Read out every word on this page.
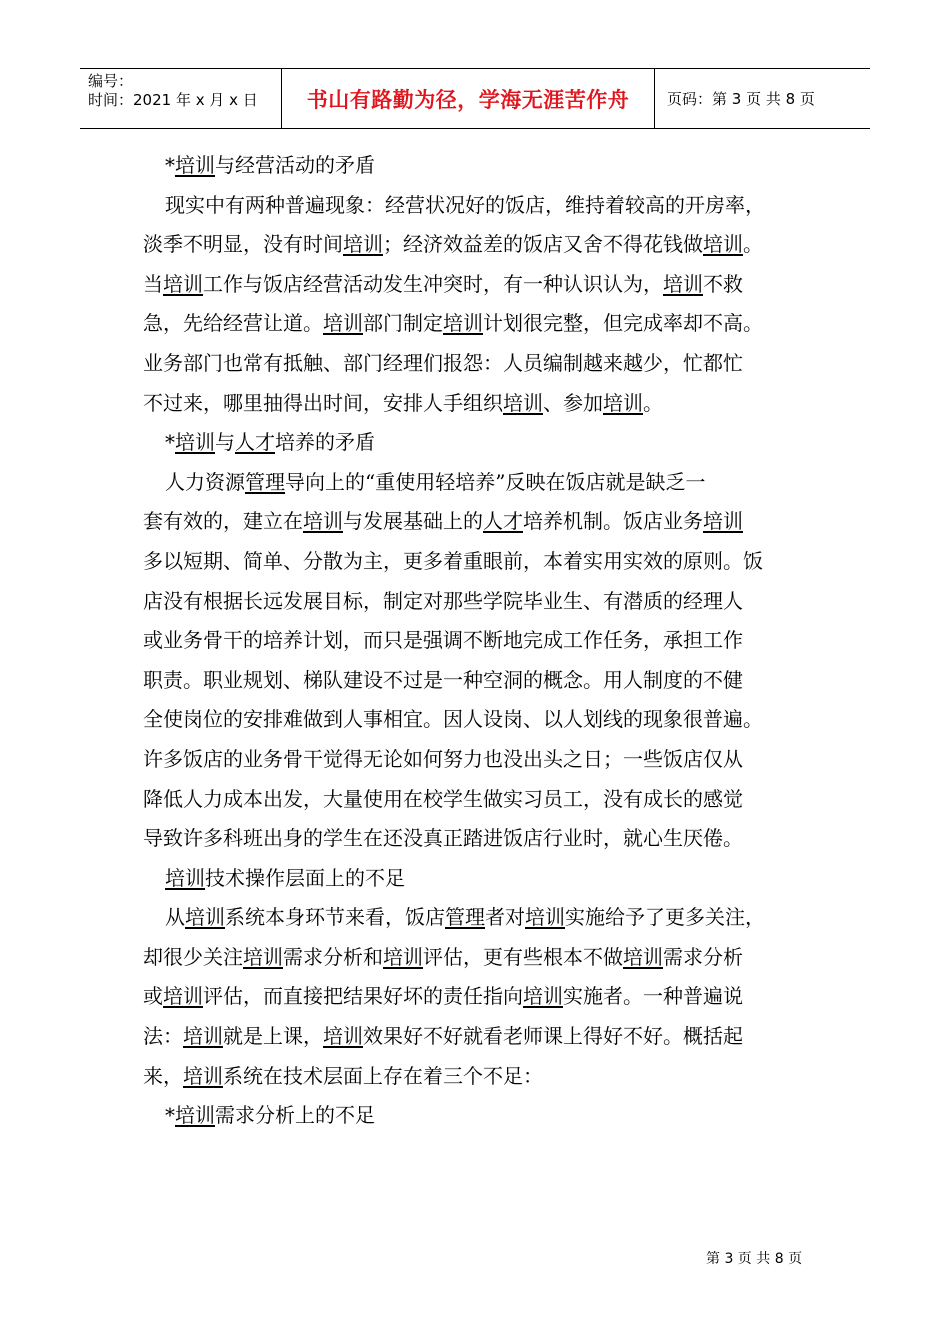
编号：
时间：2021 年 x 月 x 日	书山有路勤为径，学海无涯苦作舟	页码：第 3 页 共 8 页
*培训与经营活动的矛盾
现实中有两种普遍现象：经营状况好的饭店，维持着较高的开房率，
淡季不明显，没有时间培训；经济效益差的饭店又舍不得花钱做培训。
当培训工作与饭店经营活动发生冲突时，有一种认识认为，培训不救
急，先给经营让道。培训部门制定培训计划很完整，但完成率却不高。
业务部门也常有抵触、部门经理们报怨：人员编制越来越少，忙都忙
不过来，哪里抽得出时间，安排人手组织培训、参加培训。
*培训与人才培养的矛盾
人力资源管理导向上的“重使用轻培养”反映在饭店就是缺乏一
套有效的，建立在培训与发展基础上的人才培养机制。饭店业务培训
多以短期、简单、分散为主，更多着重眼前，本着实用实效的原则。饭
店没有根据长远发展目标，制定对那些学院毕业生、有潜质的经理人
或业务骨干的培养计划，而只是强调不断地完成工作任务，承担工作
职责。职业规划、梯队建设不过是一种空洞的概念。用人制度的不健
全使岗位的安排难做到人事相宜。因人设岗、以人划线的现象很普遍。
许多饭店的业务骨干觉得无论如何努力也没出头之日；一些饭店仅从
降低人力成本出发，大量使用在校学生做实习员工，没有成长的感觉
导致许多科班出身的学生在还没真正踏进饭店行业时，就心生厌倦。
培训技术操作层面上的不足
从培训系统本身环节来看，饭店管理者对培训实施给予了更多关注，
却很少关注培训需求分析和培训评估，更有些根本不做培训需求分析
或培训评估，而直接把结果好坏的责任指向培训实施者。一种普遍说
法：培训就是上课，培训效果好不好就看老师课上得好不好。概括起
来，培训系统在技术层面上存在着三个不足：
*培训需求分析上的不足
第 3 页 共 8 页
